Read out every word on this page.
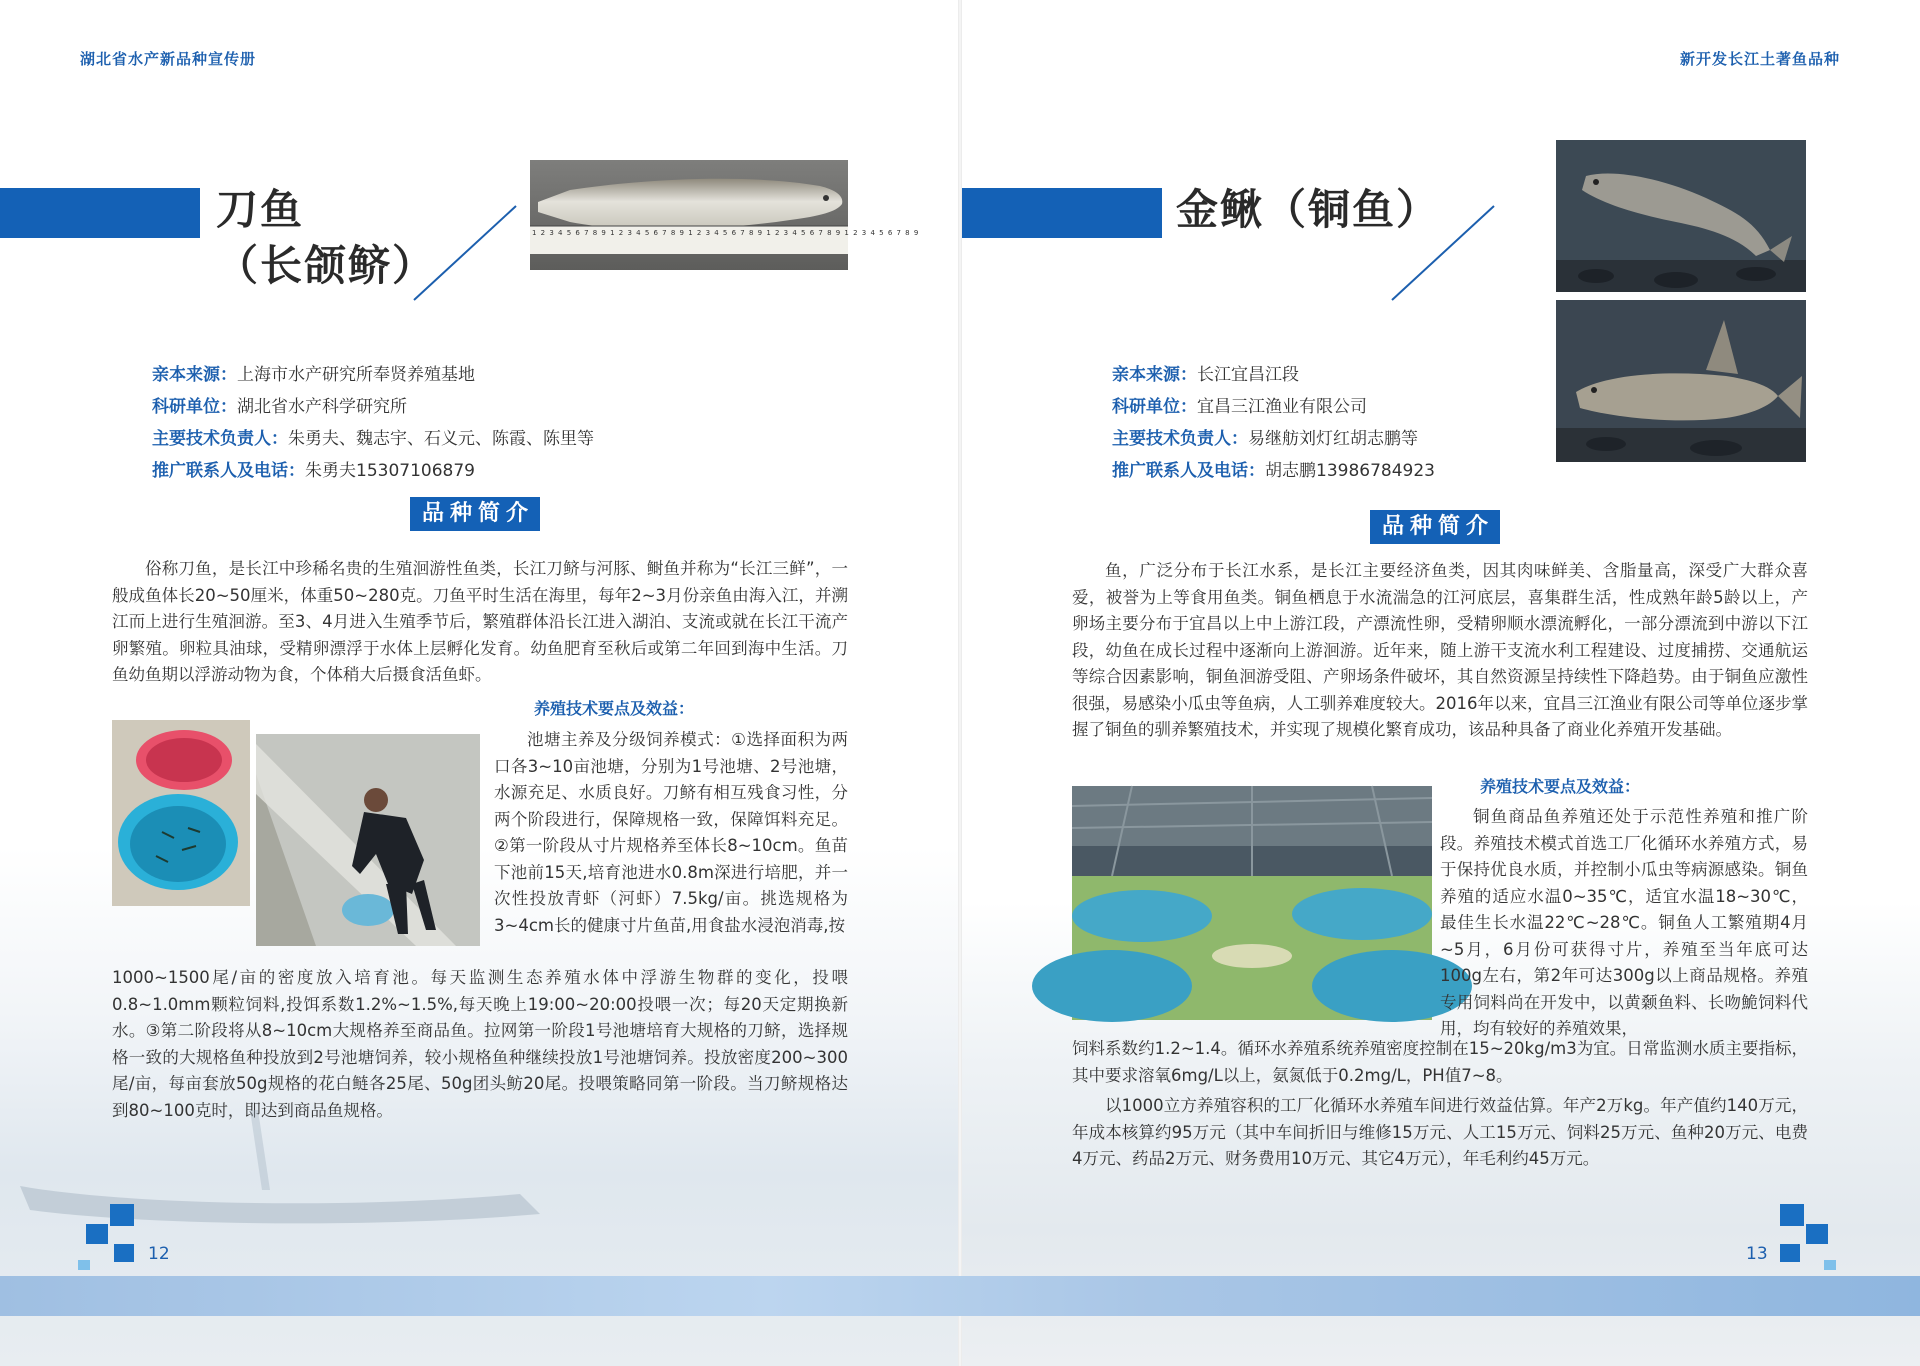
湖北省水产新品种宣传册
刀鱼
（长颌鲚）
1 2 3 4 5 6 7 8 9 1 2 3 4 5 6 7 8 9 1 2 3 4 5 6 7 8 9 1 2 3 4 5 6 7 8 9 1 2 3 4 5 6 7 8 9
亲本来源：上海市水产研究所奉贤养殖基地
科研单位：湖北省水产科学研究所
主要技术负责人：朱勇夫、魏志宇、石义元、陈霞、陈里等
推广联系人及电话：朱勇夫15307106879
品种简介
俗称刀鱼，是长江中珍稀名贵的生殖洄游性鱼类，长江刀鲚与河豚、鲥鱼并称为“长江三鲜”，一般成鱼体长20~50厘米，体重50~280克。刀鱼平时生活在海里，每年2~3月份亲鱼由海入江，并溯江而上进行生殖洄游。至3、4月进入生殖季节后，繁殖群体沿长江进入湖泊、支流或就在长江干流产卵繁殖。卵粒具油球，受精卵漂浮于水体上层孵化发育。幼鱼肥育至秋后或第二年回到海中生活。刀鱼幼鱼期以浮游动物为食，个体稍大后摄食活鱼虾。
养殖技术要点及效益：
池塘主养及分级饲养模式：①选择面积为两口各3~10亩池塘，分别为1号池塘、2号池塘，水源充足、水质良好。刀鲚有相互残食习性，分两个阶段进行，保障规格一致，保障饵料充足。②第一阶段从寸片规格养至体长8~10cm。鱼苗下池前15天,培育池进水0.8m深进行培肥，并一次性投放青虾（河虾）7.5kg/亩。挑选规格为3~4cm长的健康寸片鱼苗,用食盐水浸泡消毒,按
1000~1500尾/亩的密度放入培育池。每天监测生态养殖水体中浮游生物群的变化，投喂0.8~1.0mm颗粒饲料,投饵系数1.2%~1.5%,每天晚上19:00~20:00投喂一次；每20天定期换新水。③第二阶段将从8~10cm大规格养至商品鱼。拉网第一阶段1号池塘培育大规格的刀鲚，选择规格一致的大规格鱼种投放到2号池塘饲养，较小规格鱼种继续投放1号池塘饲养。投放密度200~300尾/亩，每亩套放50g规格的花白鲢各25尾、50g团头鲂20尾。投喂策略同第一阶段。当刀鲚规格达到80~100克时，即达到商品鱼规格。
12
新开发长江土著鱼品种
金鳅（铜鱼）
亲本来源：长江宜昌江段
科研单位：宜昌三江渔业有限公司
主要技术负责人：易继舫刘灯红胡志鹏等
推广联系人及电话：胡志鹏13986784923
品种简介
鱼，广泛分布于长江水系，是长江主要经济鱼类，因其肉味鲜美、含脂量高，深受广大群众喜爱，被誉为上等食用鱼类。铜鱼栖息于水流湍急的江河底层，喜集群生活，性成熟年龄5龄以上，产卵场主要分布于宜昌以上中上游江段，产漂流性卵，受精卵顺水漂流孵化，一部分漂流到中游以下江段，幼鱼在成长过程中逐渐向上游洄游。近年来，随上游干支流水利工程建设、过度捕捞、交通航运等综合因素影响，铜鱼洄游受阻、产卵场条件破坏，其自然资源呈持续性下降趋势。由于铜鱼应激性很强，易感染小瓜虫等鱼病，人工驯养难度较大。2016年以来，宜昌三江渔业有限公司等单位逐步掌握了铜鱼的驯养繁殖技术，并实现了规模化繁育成功，该品种具备了商业化养殖开发基础。
养殖技术要点及效益：
铜鱼商品鱼养殖还处于示范性养殖和推广阶段。养殖技术模式首选工厂化循环水养殖方式，易于保持优良水质，并控制小瓜虫等病源感染。铜鱼养殖的适应水温0~35℃，适宜水温18~30℃，最佳生长水温22℃~28℃。铜鱼人工繁殖期4月~5月，6月份可获得寸片，养殖至当年底可达100g左右，第2年可达300g以上商品规格。养殖专用饲料尚在开发中，以黄颡鱼料、长吻鮠饲料代用，均有较好的养殖效果，
饲料系数约1.2~1.4。循环水养殖系统养殖密度控制在15~20kg/m3为宜。日常监测水质主要指标，其中要求溶氧6mg/L以上，氨氮低于0.2mg/L，PH值7~8。
以1000立方养殖容积的工厂化循环水养殖车间进行效益估算。年产2万kg。年产值约140万元，年成本核算约95万元（其中车间折旧与维修15万元、人工15万元、饲料25万元、鱼种20万元、电费4万元、药品2万元、财务费用10万元、其它4万元），年毛利约45万元。
13
